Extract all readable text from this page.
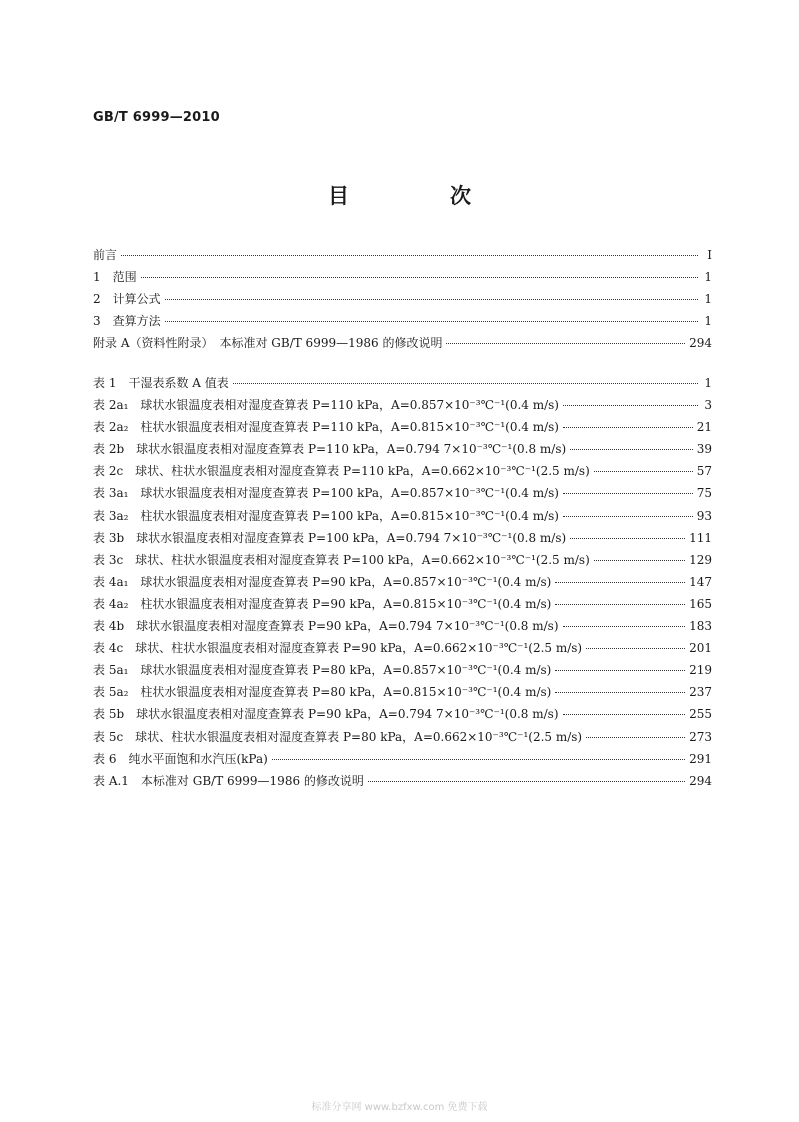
GB/T 6999—2010
目　次
前言	Ⅰ
1　范围	1
2　计算公式	1
3　查算方法	1
附录 A（资料性附录）　本标准对 GB/T 6999—1986 的修改说明	294
表 1　干湿表系数 A 值表	1
表 2a₁　球状水银温度表相对湿度查算表 P=110 kPa，A=0.857×10⁻³℃⁻¹(0.4 m/s)	3
表 2a₂　柱状水银温度表相对湿度查算表 P=110 kPa，A=0.815×10⁻³℃⁻¹(0.4 m/s)	21
表 2b　球状水银温度表相对湿度查算表 P=110 kPa，A=0.794 7×10⁻³℃⁻¹(0.8 m/s)	39
表 2c　球状、柱状水银温度表相对湿度查算表 P=110 kPa，A=0.662×10⁻³℃⁻¹(2.5 m/s)	57
表 3a₁　球状水银温度表相对湿度查算表 P=100 kPa，A=0.857×10⁻³℃⁻¹(0.4 m/s)	75
表 3a₂　柱状水银温度表相对湿度查算表 P=100 kPa，A=0.815×10⁻³℃⁻¹(0.4 m/s)	93
表 3b　球状水银温度表相对湿度查算表 P=100 kPa，A=0.794 7×10⁻³℃⁻¹(0.8 m/s)	111
表 3c　球状、柱状水银温度表相对湿度查算表 P=100 kPa，A=0.662×10⁻³℃⁻¹(2.5 m/s)	129
表 4a₁　球状水银温度表相对湿度查算表 P=90 kPa，A=0.857×10⁻³℃⁻¹(0.4 m/s)	147
表 4a₂　柱状水银温度表相对湿度查算表 P=90 kPa，A=0.815×10⁻³℃⁻¹(0.4 m/s)	165
表 4b　球状水银温度表相对湿度查算表 P=90 kPa，A=0.794 7×10⁻³℃⁻¹(0.8 m/s)	183
表 4c　球状、柱状水银温度表相对湿度查算表 P=90 kPa，A=0.662×10⁻³℃⁻¹(2.5 m/s)	201
表 5a₁　球状水银温度表相对湿度查算表 P=80 kPa，A=0.857×10⁻³℃⁻¹(0.4 m/s)	219
表 5a₂　柱状水银温度表相对湿度查算表 P=80 kPa，A=0.815×10⁻³℃⁻¹(0.4 m/s)	237
表 5b　球状水银温度表相对湿度查算表 P=90 kPa，A=0.794 7×10⁻³℃⁻¹(0.8 m/s)	255
表 5c　球状、柱状水银温度表相对湿度查算表 P=80 kPa，A=0.662×10⁻³℃⁻¹(2.5 m/s)	273
表 6　纯水平面饱和水汽压(kPa)	291
表 A.1　本标准对 GB/T 6999—1986 的修改说明	294
标准分享网 www.bzfxw.com 免费下载
